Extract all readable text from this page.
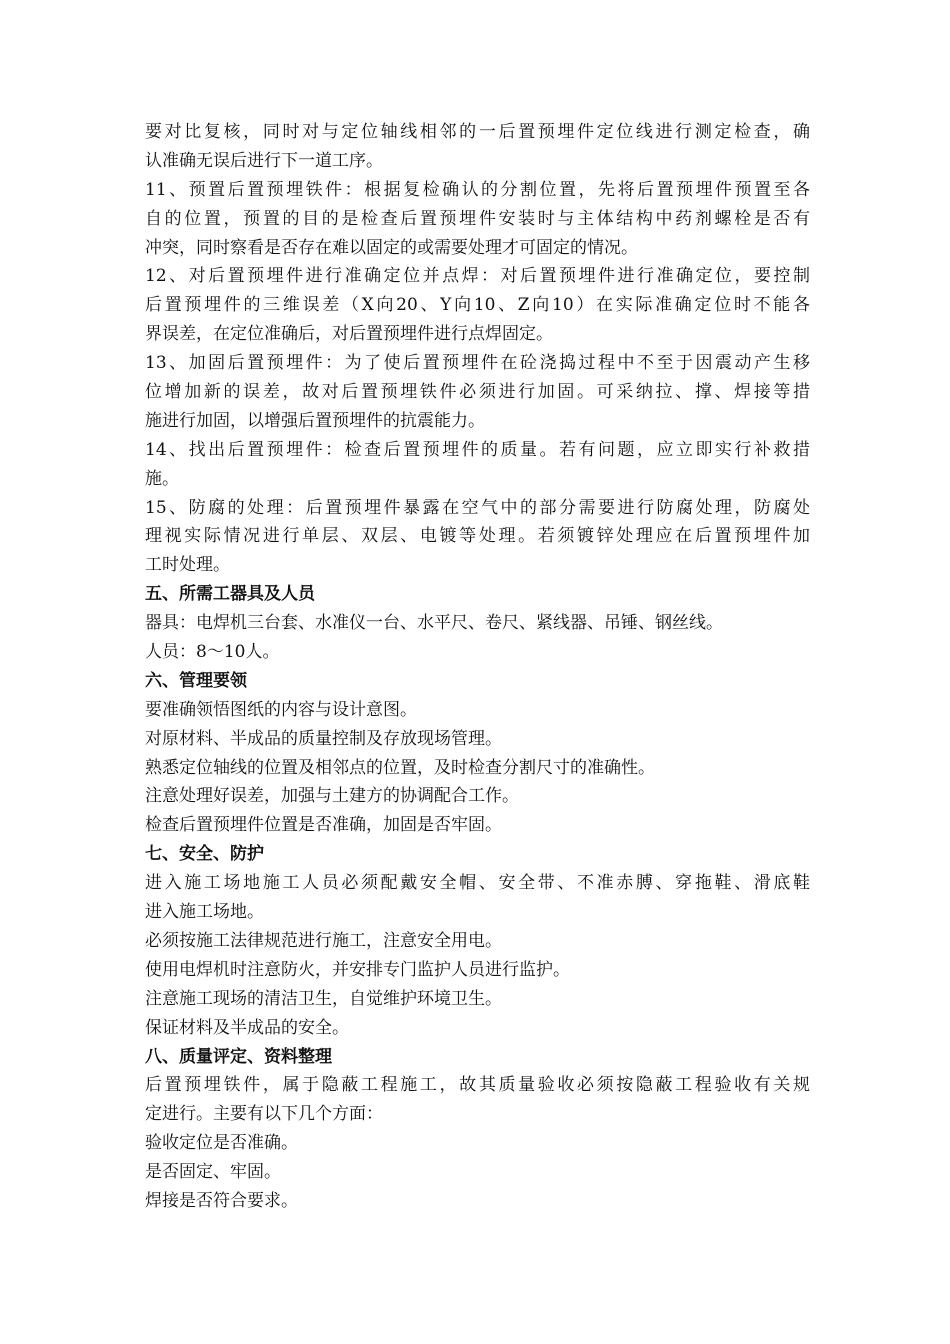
要对比复核，同时对与定位轴线相邻的一后置预埋件定位线进行测定检查，确
认准确无误后进行下一道工序。
11、预置后置预埋铁件：根据复检确认的分割位置，先将后置预埋件预置至各
自的位置，预置的目的是检查后置预埋件安装时与主体结构中药剂螺栓是否有
冲突，同时察看是否存在难以固定的或需要处理才可固定的情况。
12、对后置预埋件进行准确定位并点焊：对后置预埋件进行准确定位，要控制
后置预埋件的三维误差（X向20、Y向10、Z向10）在实际准确定位时不能各
界误差，在定位准确后，对后置预埋件进行点焊固定。
13、加固后置预埋件：为了使后置预埋件在砼浇捣过程中不至于因震动产生移
位增加新的误差，故对后置预埋铁件必须进行加固。可采纳拉、撑、焊接等措
施进行加固，以增强后置预埋件的抗震能力。
14、找出后置预埋件：检查后置预埋件的质量。若有问题，应立即实行补救措
施。
15、防腐的处理：后置预埋件暴露在空气中的部分需要进行防腐处理，防腐处
理视实际情况进行单层、双层、电镀等处理。若须镀锌处理应在后置预埋件加
工时处理。
五、所需工器具及人员
器具：电焊机三台套、水准仪一台、水平尺、卷尺、紧线器、吊锤、钢丝线。
人员：8～10人。
六、管理要领
要准确领悟图纸的内容与设计意图。
对原材料、半成品的质量控制及存放现场管理。
熟悉定位轴线的位置及相邻点的位置，及时检查分割尺寸的准确性。
注意处理好误差，加强与土建方的协调配合工作。
检查后置预埋件位置是否准确，加固是否牢固。
七、安全、防护
进入施工场地施工人员必须配戴安全帽、安全带、不准赤膊、穿拖鞋、滑底鞋
进入施工场地。
必须按施工法律规范进行施工，注意安全用电。
使用电焊机时注意防火，并安排专门监护人员进行监护。
注意施工现场的清洁卫生，自觉维护环境卫生。
保证材料及半成品的安全。
八、质量评定、资料整理
后置预埋铁件，属于隐蔽工程施工，故其质量验收必须按隐蔽工程验收有关规
定进行。主要有以下几个方面：
验收定位是否准确。
是否固定、牢固。
焊接是否符合要求。
